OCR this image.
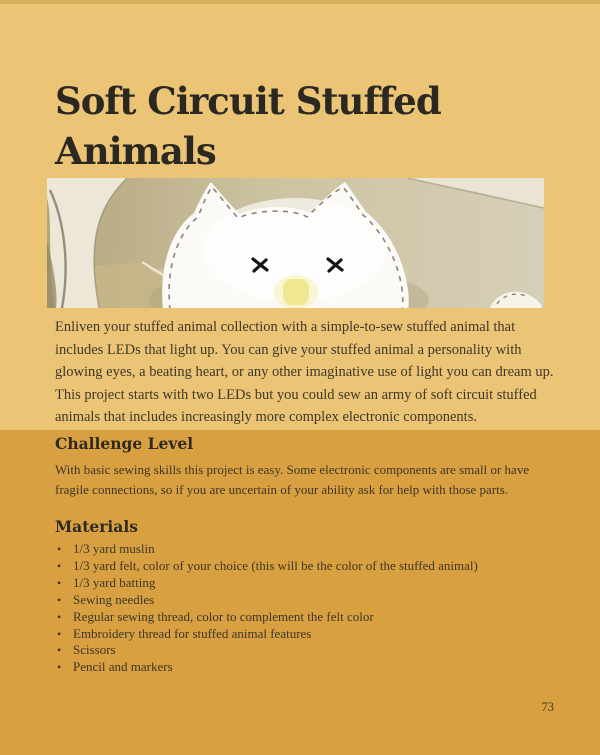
Soft Circuit Stuffed Animals

Enliven your stuffed animal collection with a simple-to-sew stuffed animal that includes LEDs that light up. You can give your stuffed animal a personality with glowing eyes, a beating heart, or any other imaginative use of light you can dream up. This project starts with two LEDs but you could sew an army of soft circuit stuffed animals that includes increasingly more complex electronic components.

Challenge Level

With basic sewing skills this project is easy. Some electronic components are small or have fragile connections, so if you are uncertain of your ability ask for help with those parts.

Materials
• 1/3 yard muslin
• 1/3 yard felt, color of your choice (this will be the color of the stuffed animal)
• 1/3 yard batting
• Sewing needles
• Regular sewing thread, color to complement the felt color
• Embroidery thread for stuffed animal features
• Scissors
• Pencil and markers
73
